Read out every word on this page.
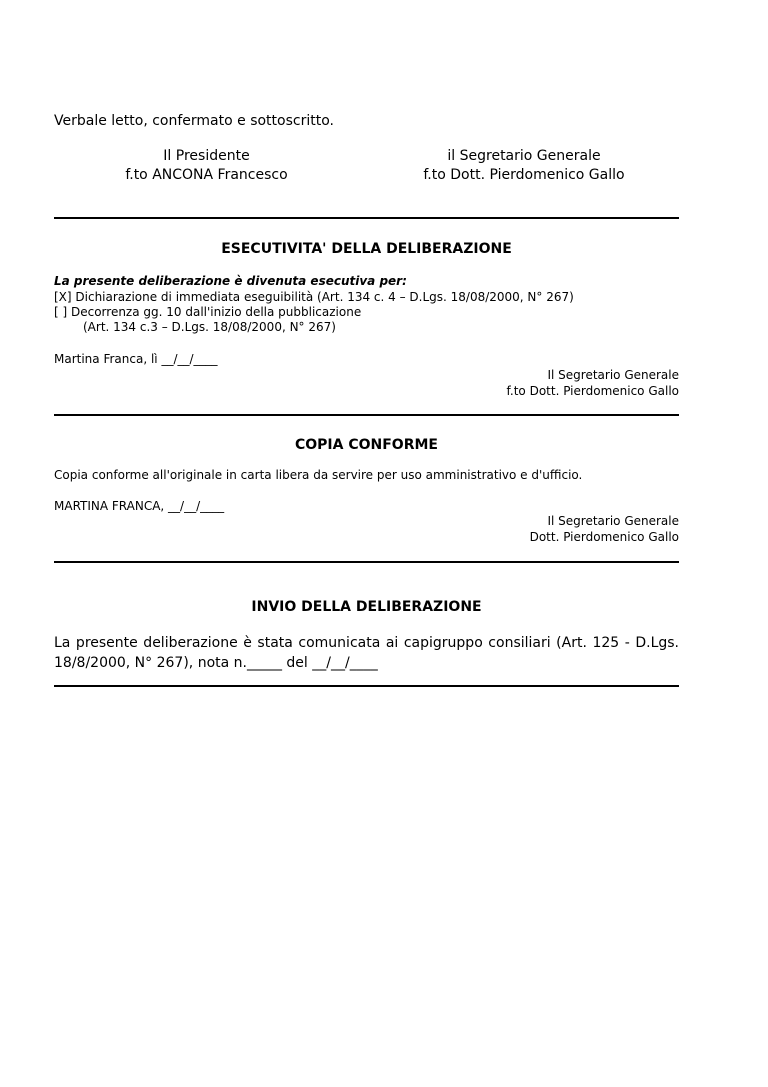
Verbale letto, confermato e sottoscritto.
Il Presidente
f.to ANCONA Francesco
il Segretario Generale
f.to Dott. Pierdomenico Gallo
ESECUTIVITA' DELLA DELIBERAZIONE
La presente deliberazione è divenuta esecutiva per:
[X] Dichiarazione di immediata eseguibilità (Art. 134 c. 4 – D.Lgs. 18/08/2000, N° 267)
[ ] Decorrenza gg. 10 dall'inizio della pubblicazione
(Art. 134 c.3 – D.Lgs. 18/08/2000, N° 267)
Martina Franca, lì __/__/____
Il Segretario Generale
f.to Dott. Pierdomenico Gallo
COPIA CONFORME
Copia conforme all'originale in carta libera da servire per uso amministrativo e d'ufficio.
MARTINA FRANCA, __/__/____
Il Segretario Generale
Dott. Pierdomenico Gallo
INVIO DELLA DELIBERAZIONE
La presente deliberazione è stata comunicata ai capigruppo consiliari (Art. 125 - D.Lgs. 18/8/2000, N° 267), nota n._____ del __/__/____
